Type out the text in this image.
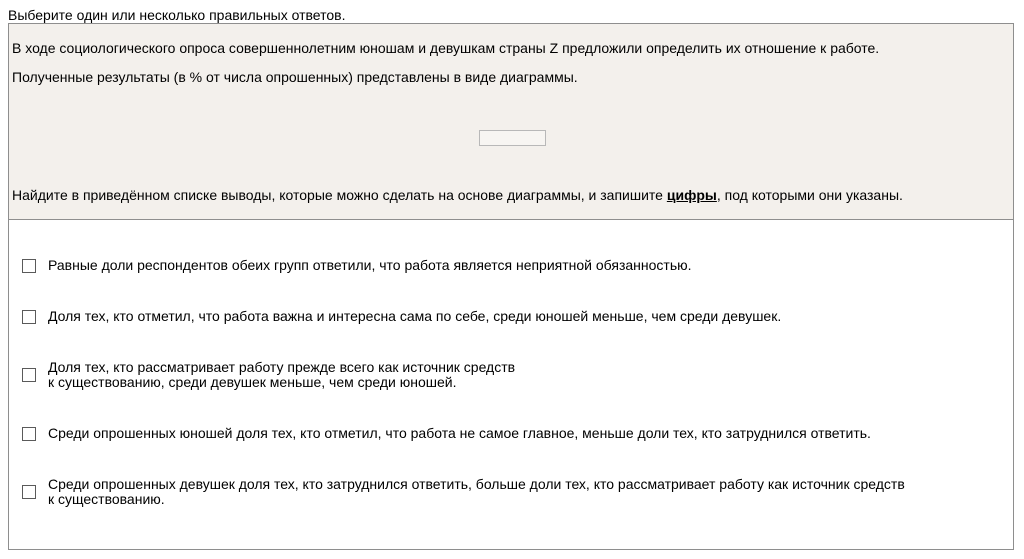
Выберите один или несколько правильных ответов.
В ходе социологического опроса совершеннолетним юношам и девушкам страны Z предложили определить их отношение к работе.
Полученные результаты (в % от числа опрошенных) представлены в виде диаграммы.
Найдите в приведённом списке выводы, которые можно сделать на основе диаграммы, и запишите цифры, под которыми они указаны.
Равные доли респондентов обеих групп ответили, что работа является неприятной обязанностью.
Доля тех, кто отметил, что работа важна и интересна сама по себе, среди юношей меньше, чем среди девушек.
Доля тех, кто рассматривает работу прежде всего как источник средств
к существованию, среди девушек меньше, чем среди юношей.
Среди опрошенных юношей доля тех, кто отметил, что работа не самое главное, меньше доли тех, кто затруднился ответить.
Среди опрошенных девушек доля тех, кто затруднился ответить, больше доли тех, кто рассматривает работу как источник средств
к существованию.
